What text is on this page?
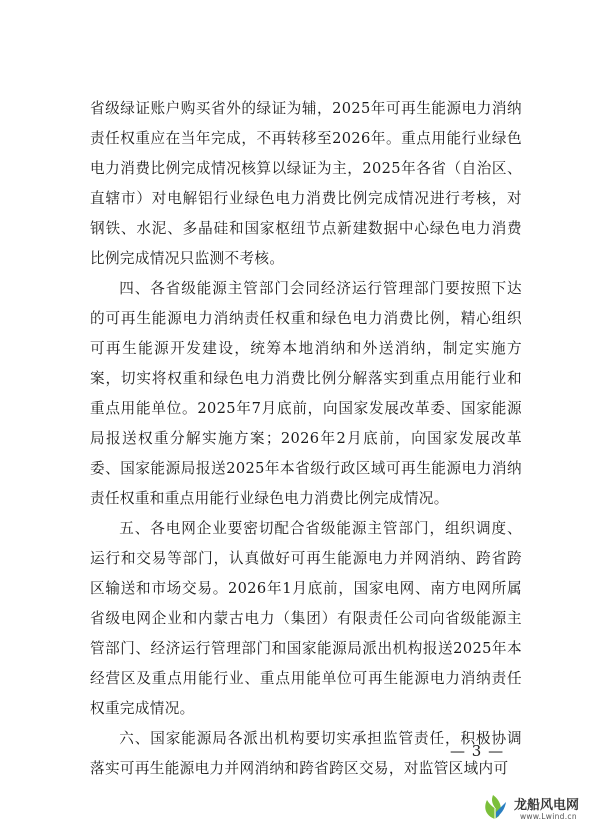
省级绿证账户购买省外的绿证为辅，2025年可再生能源电力消纳责任权重应在当年完成，不再转移至2026年。重点用能行业绿色电力消费比例完成情况核算以绿证为主，2025年各省（自治区、直辖市）对电解铝行业绿色电力消费比例完成情况进行考核，对钢铁、水泥、多晶硅和国家枢纽节点新建数据中心绿色电力消费比例完成情况只监测不考核。

四、各省级能源主管部门会同经济运行管理部门要按照下达的可再生能源电力消纳责任权重和绿色电力消费比例，精心组织可再生能源开发建设，统筹本地消纳和外送消纳，制定实施方案，切实将权重和绿色电力消费比例分解落实到重点用能行业和重点用能单位。2025年7月底前，向国家发展改革委、国家能源局报送权重分解实施方案；2026年2月底前，向国家发展改革委、国家能源局报送2025年本省级行政区域可再生能源电力消纳责任权重和重点用能行业绿色电力消费比例完成情况。

五、各电网企业要密切配合省级能源主管部门，组织调度、运行和交易等部门，认真做好可再生能源电力并网消纳、跨省跨区输送和市场交易。2026年1月底前，国家电网、南方电网所属省级电网企业和内蒙古电力（集团）有限责任公司向省级能源主管部门、经济运行管理部门和国家能源局派出机构报送2025年本经营区及重点用能行业、重点用能单位可再生能源电力消纳责任权重完成情况。

六、国家能源局各派出机构要切实承担监管责任，积极协调落实可再生能源电力并网消纳和跨省跨区交易，对监管区域内可

— 3 —
龙船风电网
www.Lwind.cn
